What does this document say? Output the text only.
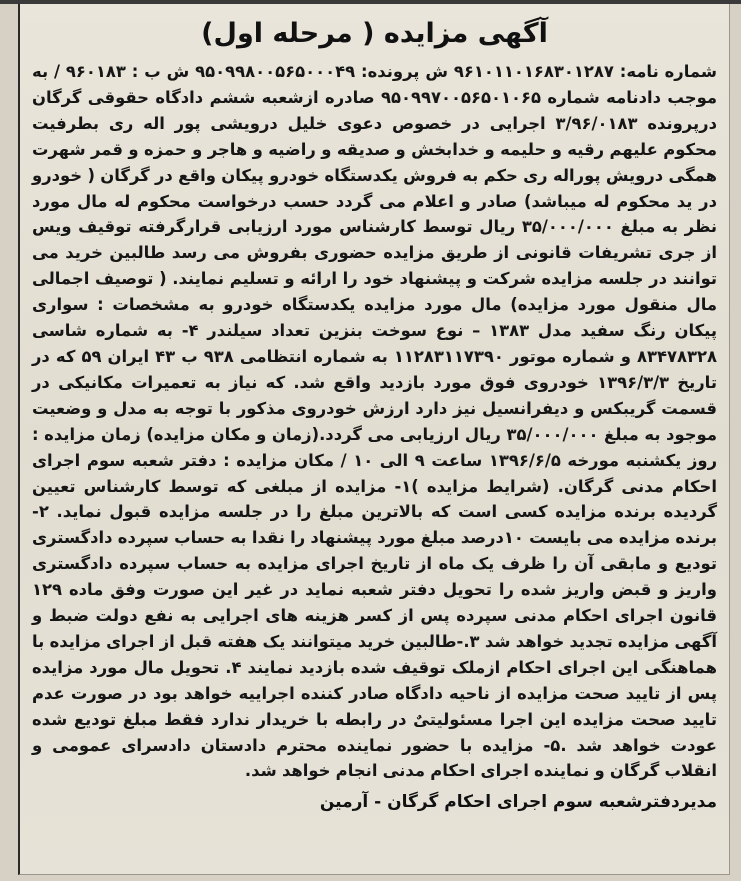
آگهی مزایده ( مرحله اول)

شماره نامه: ۹۶۱۰۱۱۰۱۶۸۳۰۱۲۸۷ ش پرونده: ۹۵۰۹۹۸۰۰۵۶۵۰۰۰۴۹ ش ب : ۹۶۰۱۸۳ / به موجب دادنامه شماره ۹۵۰۹۹۷۰۰۵۶۵۰۱۰۶۵ صادره ازشعبه ششم دادگاه حقوقی گرگان درپرونده ۳/۹۶/۰۱۸۳ اجرایی در خصوص دعوی خلیل درویشی پور اله ری بطرفیت محکوم علیهم رقیه و حلیمه و خدابخش و صدیقه و راضیه و هاجر و حمزه و قمر شهرت همگی درویش پوراله ری حکم به فروش یکدستگاه خودرو پیکان واقع در گرگان ( خودرو در ید محکوم له میباشد) صادر و اعلام می گردد حسب درخواست محکوم له مال مورد نظر به مبلغ ۳۵/۰۰۰/۰۰۰ ریال توسط کارشناس مورد ارزیابی قرارگرفته توقیف ویس از جری تشریفات قانونی از طریق مزایده حضوری بفروش می رسد طالبین خرید می توانند در جلسه مزایده شرکت و پیشنهاد خود را ارائه و تسلیم نمایند. ( توصیف اجمالی مال منقول مورد مزایده) مال مورد مزایده یکدستگاه خودرو به مشخصات : سواری پیکان رنگ سفید مدل ۱۳۸۳ – نوع سوخت بنزین تعداد سیلندر ۴- به شماره شاسی ۸۳۴۷۸۳۲۸ و شماره موتور ۱۱۲۸۳۱۱۷۳۹۰ به شماره انتظامی ۹۳۸ ب ۴۳ ایران ۵۹ که در تاریخ ۱۳۹۶/۳/۳ خودروی فوق مورد بازدید واقع شد. که نیاز به تعمیرات مکانیکی در قسمت گریبکس و دیفرانسیل نیز دارد ارزش خودروی مذکور با توجه به مدل و وضعیت موجود به مبلغ ۳۵/۰۰۰/۰۰۰ ریال ارزیابی می گردد.(زمان و مکان مزایده) زمان مزایده : روز یکشنبه مورخه ۱۳۹۶/۶/۵ ساعت ۹ الی ۱۰ / مکان مزایده : دفتر شعبه سوم اجرای احکام مدنی گرگان. (شرایط مزایده )۱- مزایده از مبلغی که توسط کارشناس تعیین گردیده برنده مزایده کسی است که بالاترین مبلغ را در جلسه مزایده قبول نماید. ۲-برنده مزایده می بایست ۱۰درصد مبلغ مورد پیشنهاد را نقدا به حساب سپرده دادگستری تودیع و مابقی آن را ظرف یک ماه از تاریخ اجرای مزایده به حساب سپرده دادگستری واریز و قبض واریز شده را تحویل دفتر شعبه نماید در غیر این صورت وفق ماده ۱۲۹ قانون اجرای احکام مدنی سپرده پس از کسر هزینه های اجرایی به نفع دولت ضبط و آگهی مزایده تجدید خواهد شد ۳.-طالبین خرید میتوانند یک هفته قبل از اجرای مزایده با هماهنگی این اجرای احکام ازملک توقیف شده بازدید نمایند ۴. تحویل مال مورد مزایده پس از تایید صحت مزایده از ناحیه دادگاه صادر کننده اجراییه خواهد بود در صورت عدم تایید صحت مزایده این اجرا مسئولیتیٌ در رابطه با خریدار ندارد فقط مبلغ تودیع شده عودت خواهد شد .۵- مزایده با حضور نماینده محترم دادستان دادسرای عمومی و انقلاب گرگان و نماینده اجرای احکام مدنی انجام خواهد شد.

مدیردفترشعبه سوم اجرای احکام گرگان - آرمین
